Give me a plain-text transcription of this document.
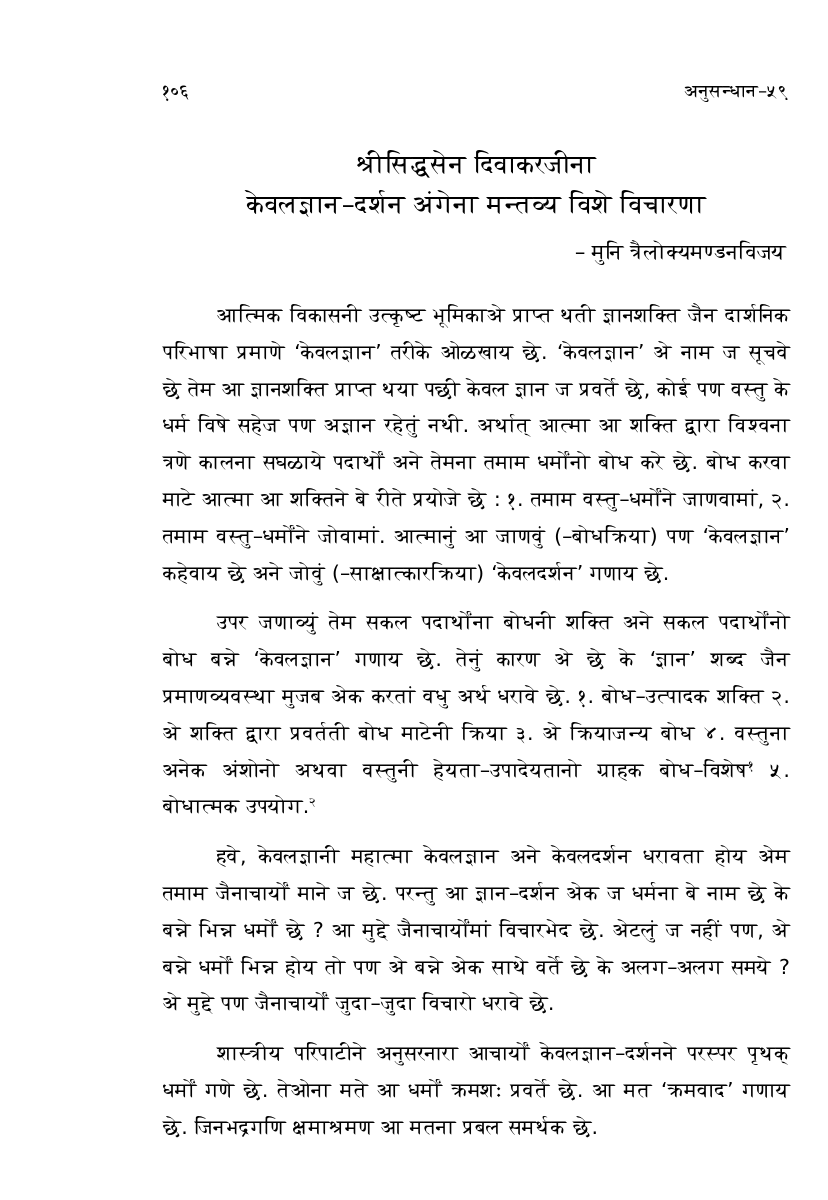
१०६	अनुसन्धान–५९
श्रीसिद्धसेन दिवाकरजीना
केवलज्ञान–दर्शन अंगेना मन्तव्य विशे विचारणा
– मुनि त्रैलोक्यमण्डनविजय

आत्मिक विकासनी उत्कृष्ट भूमिकाअे प्राप्त थती ज्ञानशक्ति जैन दार्शनिक परिभाषा प्रमाणे ‘केवलज्ञान’ तरीके ओळखाय छे. ‘केवलज्ञान’ अे नाम ज सूचवे छे तेम आ ज्ञानशक्ति प्राप्त थया पछी केवल ज्ञान ज प्रवर्ते छे, कोई पण वस्तु के धर्म विषे सहेज पण अज्ञान रहेतुं नथी. अर्थात् आत्मा आ शक्ति द्वारा विश्वना त्रणे कालना सघळाये पदार्थों अने तेमना तमाम धर्मोंनो बोध करे छे. बोध करवा माटे आत्मा आ शक्तिने बे रीते प्रयोजे छे : १. तमाम वस्तु–धर्मोंने जाणवामां, २. तमाम वस्तु–धर्मोंने जोवामां. आत्मानुं आ जाणवुं (–बोधक्रिया) पण ‘केवलज्ञान’ कहेवाय छे अने जोवुं (–साक्षात्कारक्रिया) ‘केवलदर्शन’ गणाय छे.

उपर जणाव्युं तेम सकल पदार्थोंना बोधनी शक्ति अने सकल पदार्थोंनो बोध बन्ने ‘केवलज्ञान’ गणाय छे. तेनुं कारण अे छे के ‘ज्ञान’ शब्द जैन प्रमाणव्यवस्था मुजब अेक करतां वधु अर्थ धरावे छे. १. बोध–उत्पादक शक्ति २. अे शक्ति द्वारा प्रवर्तती बोध माटेनी क्रिया ३. अे क्रियाजन्य बोध ४. वस्तुना अनेक अंशोनो अथवा वस्तुनी हेयता–उपादेयतानो ग्राहक बोध–विशेष$^१$ ५. बोधात्मक उपयोग.$^२$

हवे, केवलज्ञानी महात्मा केवलज्ञान अने केवलदर्शन धरावता होय अेम तमाम जैनाचार्यों माने ज छे. परन्तु आ ज्ञान–दर्शन अेक ज धर्मना बे नाम छे के बन्ने भिन्न धर्मों छे ? आ मुद्दे जैनाचार्योंमां विचारभेद छे. अेटलुं ज नहीं पण, अे बन्ने धर्मों भिन्न होय तो पण अे बन्ने अेक साथे वर्ते छे के अलग–अलग समये ? अे मुद्दे पण जैनाचार्यों जुदा–जुदा विचारो धरावे छे.

शास्त्रीय परिपाटीने अनुसरनारा आचार्यों केवलज्ञान–दर्शनने परस्पर पृथक् धर्मों गणे छे. तेओना मते आ धर्मों क्रमशः प्रवर्ते छे. आ मत ‘क्रमवाद’ गणाय छे. जिनभद्रगणि क्षमाश्रमण आ मतना प्रबल समर्थक छे.
